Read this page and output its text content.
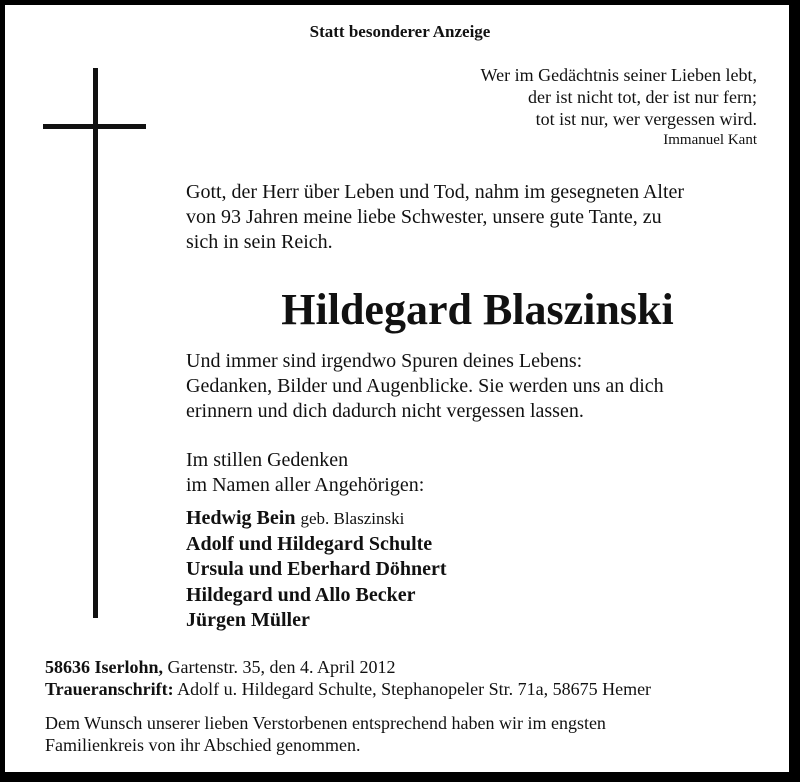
Statt besonderer Anzeige
Wer im Gedächtnis seiner Lieben lebt,
der ist nicht tot, der ist nur fern;
tot ist nur, wer vergessen wird.
Immanuel Kant
Gott, der Herr über Leben und Tod, nahm im gesegneten Alter
von 93 Jahren meine liebe Schwester, unsere gute Tante, zu
sich in sein Reich.
Hildegard Blaszinski
Und immer sind irgendwo Spuren deines Lebens:
Gedanken, Bilder und Augenblicke. Sie werden uns an dich
erinnern und dich dadurch nicht vergessen lassen.
Im stillen Gedenken
im Namen aller Angehörigen:
Hedwig Bein geb. Blaszinski
Adolf und Hildegard Schulte
Ursula und Eberhard Döhnert
Hildegard und Allo Becker
Jürgen Müller
58636 Iserlohn, Gartenstr. 35, den 4. April 2012
Traueranschrift: Adolf u. Hildegard Schulte, Stephanopeler Str. 71a, 58675 Hemer
Dem Wunsch unserer lieben Verstorbenen entsprechend haben wir im engsten
Familienkreis von ihr Abschied genommen.
